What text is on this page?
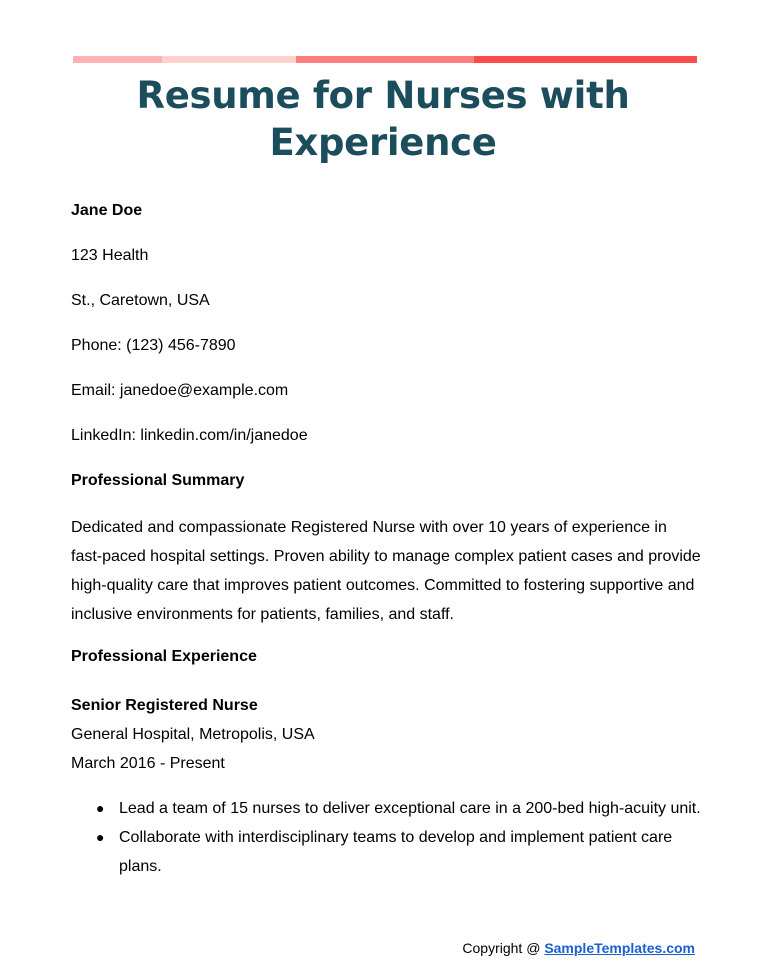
Resume for Nurses with Experience

Jane Doe

123 Health

St., Caretown, USA

Phone: (123) 456-7890

Email: janedoe@example.com

LinkedIn: linkedin.com/in/janedoe

Professional Summary

Dedicated and compassionate Registered Nurse with over 10 years of experience in fast-paced hospital settings. Proven ability to manage complex patient cases and provide high-quality care that improves patient outcomes. Committed to fostering supportive and inclusive environments for patients, families, and staff.

Professional Experience

Senior Registered Nurse

General Hospital, Metropolis, USA

March 2016 - Present

● Lead a team of 15 nurses to deliver exceptional care in a 200-bed high-acuity unit.
● Collaborate with interdisciplinary teams to develop and implement patient care plans.
Copyright @ SampleTemplates.com
